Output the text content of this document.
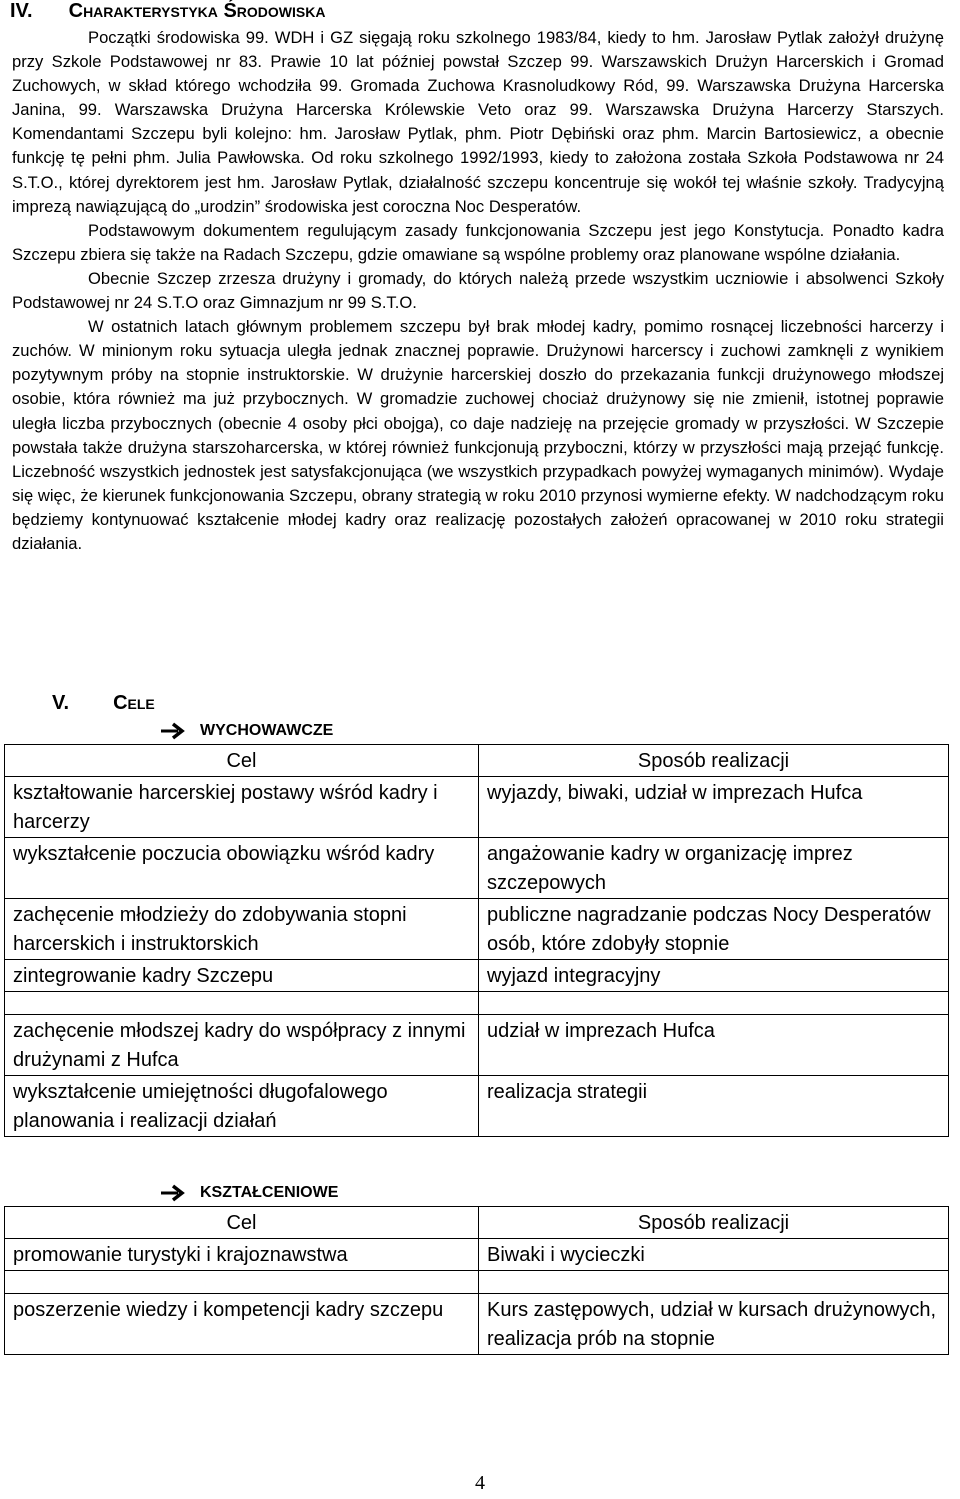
IV. Charakterystyka Środowiska

Początki środowiska 99. WDH i GZ sięgają roku szkolnego 1983/84, kiedy to hm. Jarosław Pytlak założył drużynę przy Szkole Podstawowej nr 83. Prawie 10 lat później powstał Szczep 99. Warszawskich Drużyn Harcerskich i Gromad Zuchowych, w skład którego wchodziła 99. Gromada Zuchowa Krasnoludkowy Ród, 99. Warszawska Drużyna Harcerska Janina, 99. Warszawska Drużyna Harcerska Królewskie Veto oraz 99. Warszawska Drużyna Harcerzy Starszych. Komendantami Szczepu byli kolejno: hm. Jarosław Pytlak, phm. Piotr Dębiński oraz phm. Marcin Bartosiewicz, a obecnie funkcję tę pełni phm. Julia Pawłowska. Od roku szkolnego 1992/1993, kiedy to założona została Szkoła Podstawowa nr 24 S.T.O., której dyrektorem jest hm. Jarosław Pytlak, działalność szczepu koncentruje się wokół tej właśnie szkoły. Tradycyjną imprezą nawiązującą do „urodzin” środowiska jest coroczna Noc Desperatów.

Podstawowym dokumentem regulującym zasady funkcjonowania Szczepu jest jego Konstytucja. Ponadto kadra Szczepu zbiera się także na Radach Szczepu, gdzie omawiane są wspólne problemy oraz planowane wspólne działania.

Obecnie Szczep zrzesza drużyny i gromady, do których należą przede wszystkim uczniowie i absolwenci Szkoły Podstawowej nr 24 S.T.O oraz Gimnazjum nr 99 S.T.O.

W ostatnich latach głównym problemem szczepu był brak młodej kadry, pomimo rosnącej liczebności harcerzy i zuchów. W minionym roku sytuacja uległa jednak znacznej poprawie. Drużynowi harcerscy i zuchowi zamknęli z wynikiem pozytywnym próby na stopnie instruktorskie. W drużynie harcerskiej doszło do przekazania funkcji drużynowego młodszej osobie, która również ma już przybocznych. W gromadzie zuchowej chociaż drużynowy się nie zmienił, istotnej poprawie uległa liczba przybocznych (obecnie 4 osoby płci obojga), co daje nadzieję na przejęcie gromady w przyszłości. W Szczepie powstała także drużyna starszoharcerska, w której również funkcjonują przyboczni, którzy w przyszłości mają przejąć funkcję. Liczebność wszystkich jednostek jest satysfakcjonująca (we wszystkich przypadkach powyżej wymaganych minimów). Wydaje się więc, że kierunek funkcjonowania Szczepu, obrany strategią w roku 2010 przynosi wymierne efekty. W nadchodzącym roku będziemy kontynuować kształcenie młodej kadry oraz realizację pozostałych założeń opracowanej w 2010 roku strategii działania.

V. Cele
WYCHOWAWCZE
Cel	Sposób realizacji
kształtowanie harcerskiej postawy wśród kadry i harcerzy	wyjazdy, biwaki, udział w imprezach Hufca
wykształcenie poczucia obowiązku wśród kadry	angażowanie kadry w organizację imprez szczepowych
zachęcenie młodzieży do zdobywania stopni harcerskich i instruktorskich	publiczne nagradzanie podczas Nocy Desperatów osób, które zdobyły stopnie
zintegrowanie kadry Szczepu	wyjazd integracyjny

zachęcenie młodszej kadry do współpracy z innymi drużynami z Hufca	udział w imprezach Hufca
wykształcenie umiejętności długofalowego planowania i realizacji działań	realizacja strategii
KSZTAŁCENIOWE
Cel	Sposób realizacji
promowanie turystyki i krajoznawstwa	Biwaki i wycieczki

poszerzenie wiedzy i kompetencji kadry szczepu	Kurs zastępowych, udział w kursach drużynowych, realizacja prób na stopnie
4
